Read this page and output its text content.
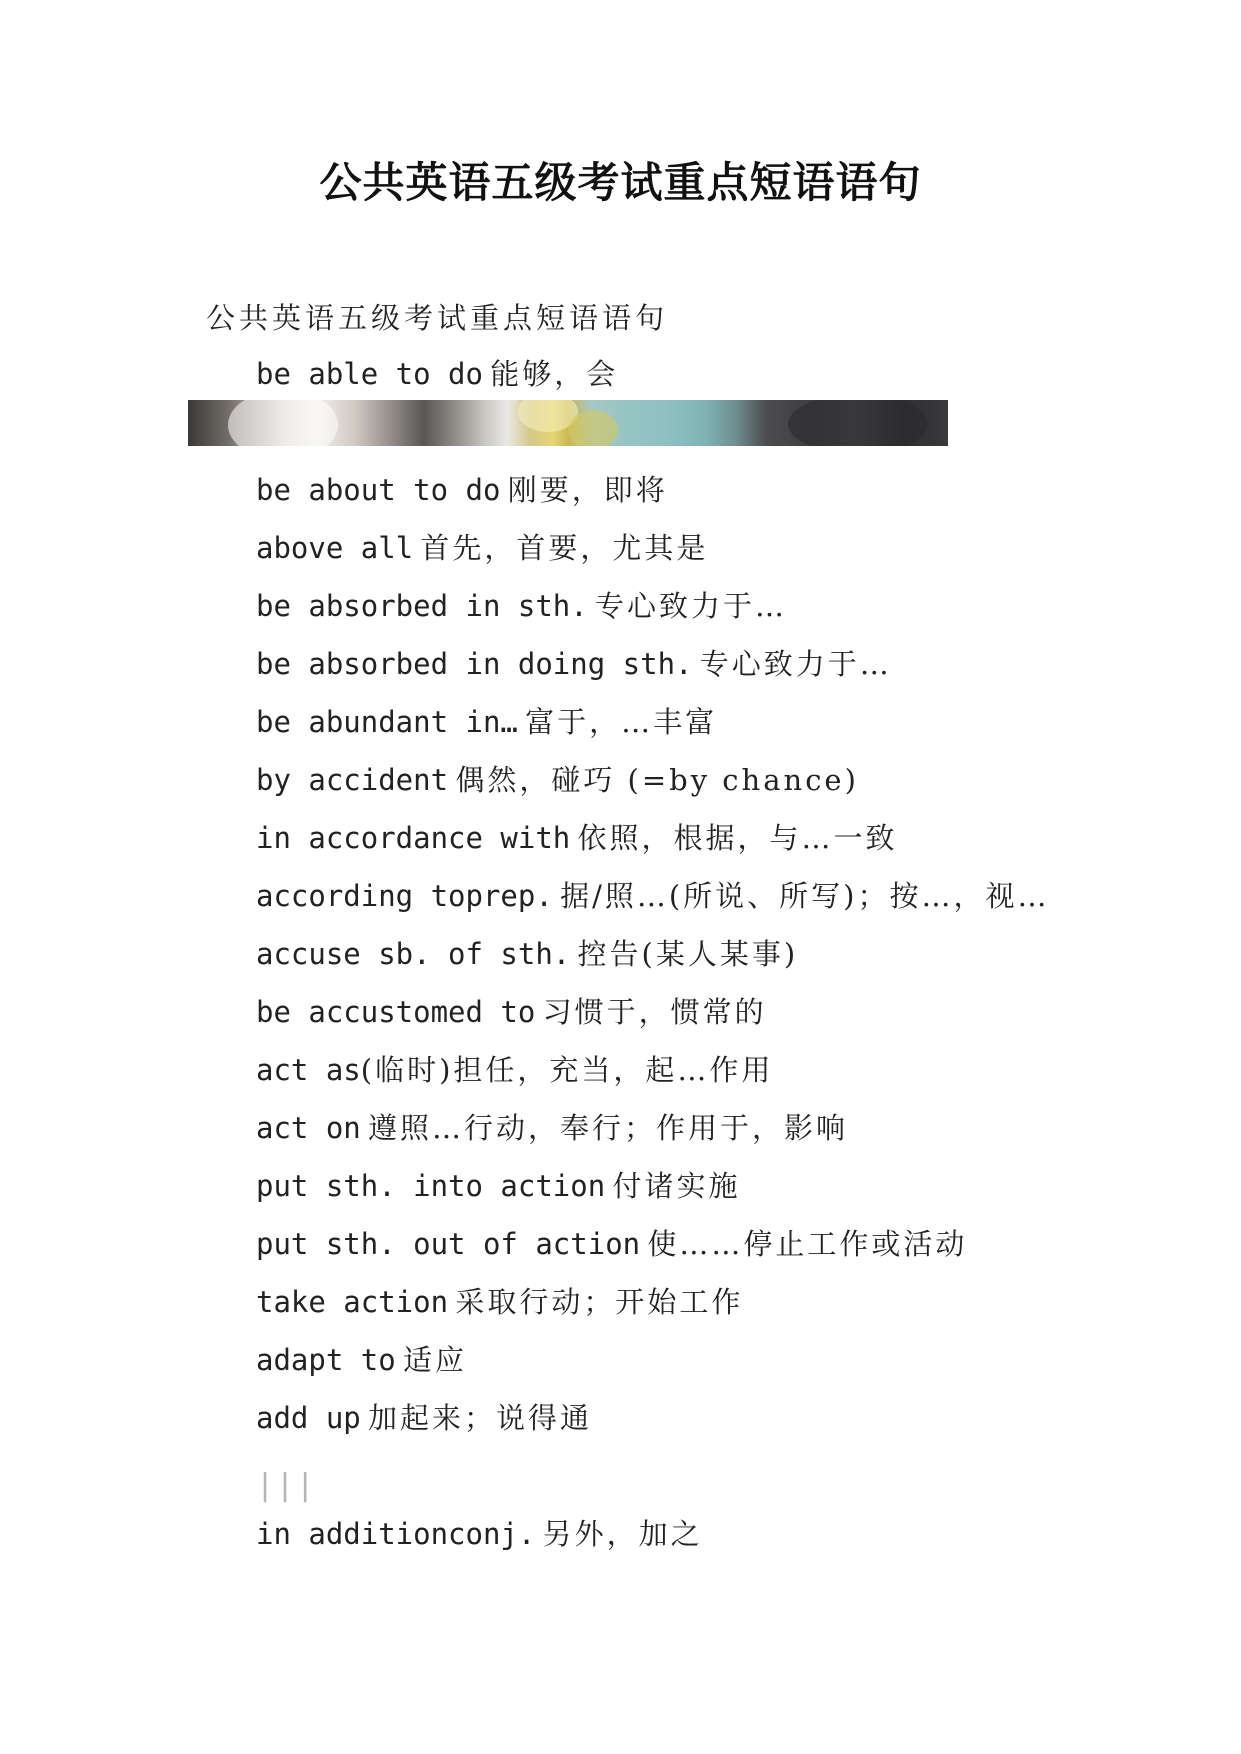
公共英语五级考试重点短语语句
公共英语五级考试重点短语语句
be able to do 能够，会
be about to do 刚要，即将
above all 首先，首要，尤其是
be absorbed in sth. 专心致力于…
be absorbed in doing sth. 专心致力于…
be abundant in… 富于，…丰富
by accident 偶然，碰巧 (=by chance)
in accordance with 依照，根据，与…一致
according toprep. 据/照…(所说、所写)；按…，视…
accuse sb. of sth. 控告(某人某事)
be accustomed to 习惯于，惯常的
act as(临时)担任，充当，起…作用
act on 遵照…行动，奉行；作用于，影响
put sth. into action 付诸实施
put sth. out of action 使……停止工作或活动
take action 采取行动；开始工作
adapt to 适应
add up 加起来；说得通
in additionconj. 另外，加之
|||
